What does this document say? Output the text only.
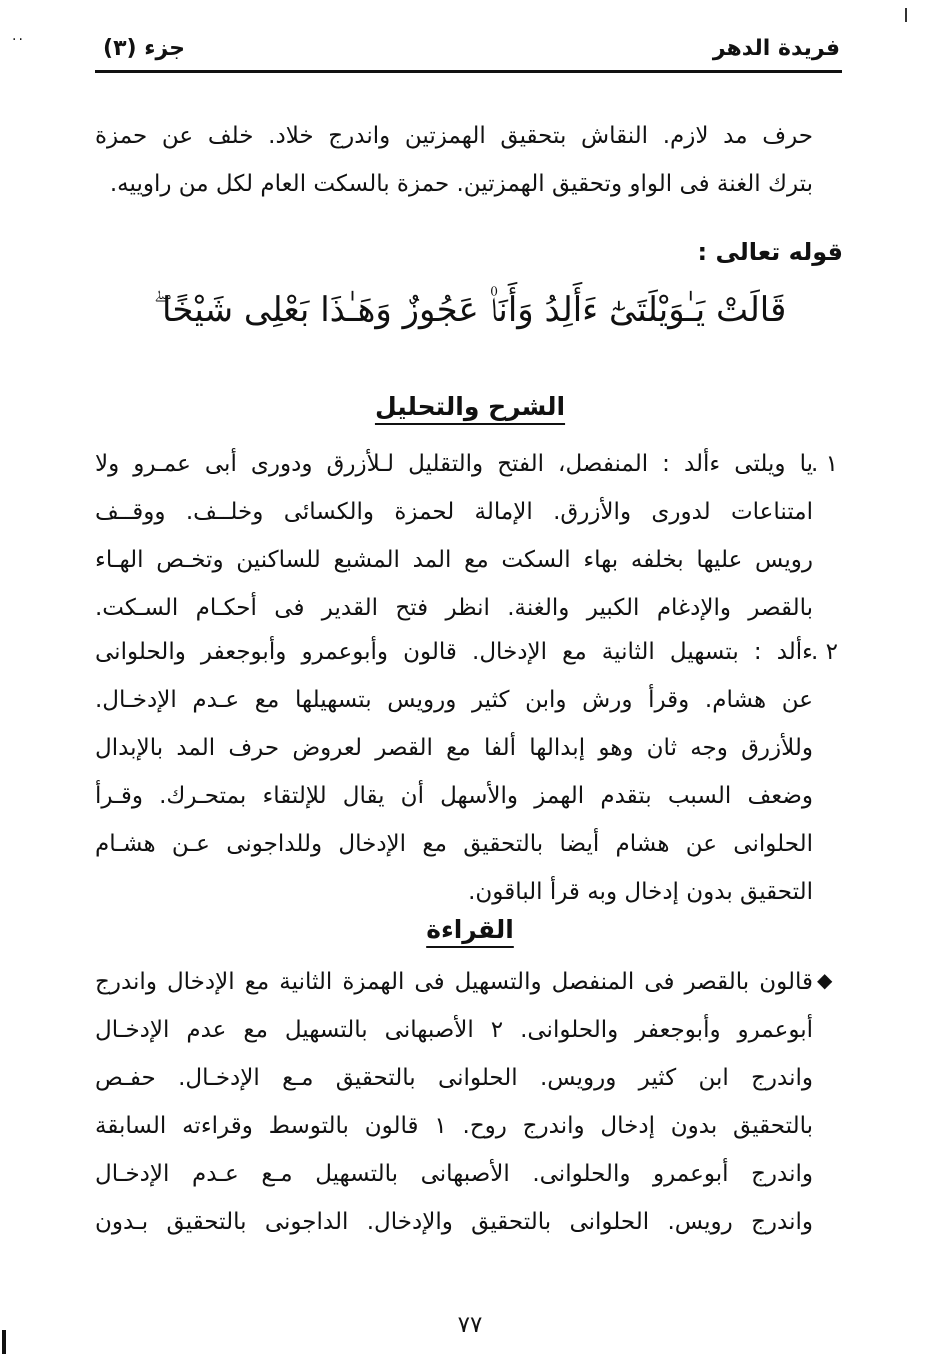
..	فريدة الدهر
جزء (٣)
حرف مد لازم. النقاش بتحقيق الهمزتين واندرج خلاد. خلف عن حمزة
بترك الغنة فى الواو وتحقيق الهمزتين. حمزة بالسكت العام لكل من راوييه.
قوله تعالى :
قَالَتْ يَـٰوَيْلَتَىٰٓ ءَأَلِدُ وَأَنَا۠ عَجُوزٌ وَهَـٰذَا بَعْلِى شَيْخًا ۖ
الشرح والتحليل
١ .
يا ويلتى ءألد : المنفصل، الفتح والتقليل لـلأزرق ودورى أبى عمـرو ولا
امتناعات لدورى والأزرق. الإمالة لحمزة والكسائى وخلــف. ووقــف
رويس عليها بخلفه بهاء السكت مع المد المشبع للساكنين وتخـص الهـاء
بالقصر والإدغام الكبير والغنة. انظر فتح القدير فى أحكـام السـكت.
٢ .
ءألد : بتسهيل الثانية مع الإدخال. قالون وأبوعمرو وأبوجعفر والحلوانى
عن هشام. وقرأ ورش وابن كثير ورويس بتسهيلها مع عـدم الإدخـال.
وللأزرق وجه ثان وهو إبدالها ألفا مع القصر لعروض حرف المد بالإبدال
وضعف السبب بتقدم الهمز والأسهل أن يقال للإلتقاء بمتحـرك. وقـرأ
الحلوانى عن هشام أيضا بالتحقيق مع الإدخال وللداجونى عـن هشـام
التحقيق بدون إدخال وبه قرأ الباقون.
القراءة
◆
قالون بالقصر فى المنفصل والتسهيل فى الهمزة الثانية مع الإدخال واندرج
أبوعمرو وأبوجعفر والحلوانى. ٢ الأصبهانى بالتسهيل مع عدم الإدخـال
واندرج ابن كثير ورويس. الحلوانى بالتحقيق مـع الإدخـال. حفـص
بالتحقيق بدون إدخال واندرج روح. ١ قالون بالتوسط وقراءته السابقة
واندرج أبوعمرو والحلوانى. الأصبهانى بالتسهيل مـع عـدم الإدخـال
واندرج رويس. الحلوانى بالتحقيق والإدخال. الداجونى بالتحقيق بـدون
٧٧
